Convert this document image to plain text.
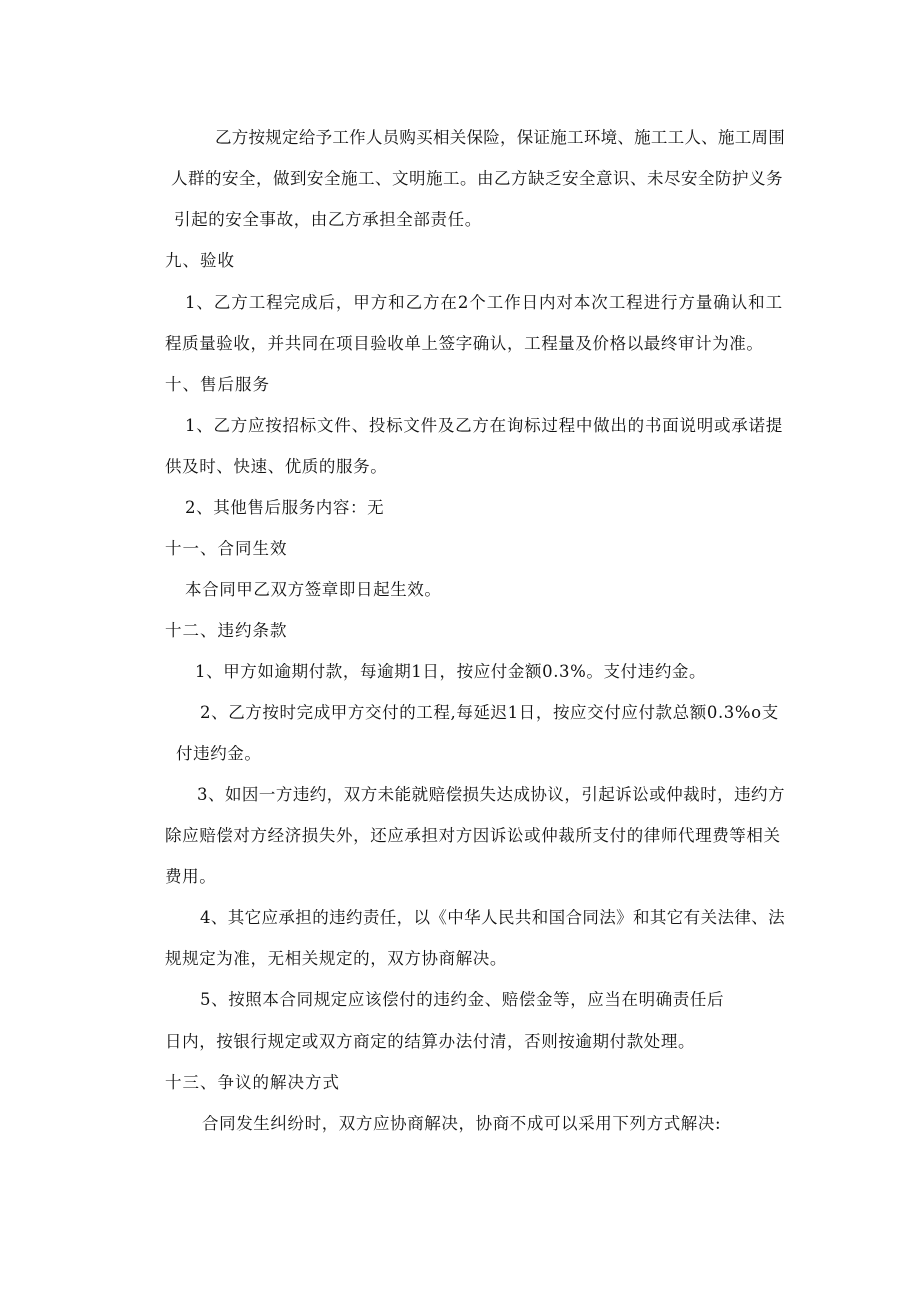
乙方按规定给予工作人员购买相关保险，保证施工环境、施工工人、施工周围
人群的安全，做到安全施工、文明施工。由乙方缺乏安全意识、未尽安全防护义务
引起的安全事故，由乙方承担全部责任。
九、验收
1、乙方工程完成后，甲方和乙方在2个工作日内对本次工程进行方量确认和工
程质量验收，并共同在项目验收单上签字确认，工程量及价格以最终审计为准。
十、售后服务
1、乙方应按招标文件、投标文件及乙方在询标过程中做出的书面说明或承诺提
供及时、快速、优质的服务。
2、其他售后服务内容：无
十一、合同生效
本合同甲乙双方签章即日起生效。
十二、违约条款
1、甲方如逾期付款，每逾期1日，按应付金额0.3%。支付违约金。
2、乙方按时完成甲方交付的工程,每延迟1日，按应交付应付款总额0.3%o支
付违约金。
3、如因一方违约，双方未能就赔偿损失达成协议，引起诉讼或仲裁时，违约方
除应赔偿对方经济损失外，还应承担对方因诉讼或仲裁所支付的律师代理费等相关
费用。
4、其它应承担的违约责任，以《中华人民共和国合同法》和其它有关法律、法
规规定为准，无相关规定的，双方协商解决。
5、按照本合同规定应该偿付的违约金、赔偿金等，应当在明确责任后
日内，按银行规定或双方商定的结算办法付清，否则按逾期付款处理。
十三、争议的解决方式
合同发生纠纷时，双方应协商解决，协商不成可以采用下列方式解决:
